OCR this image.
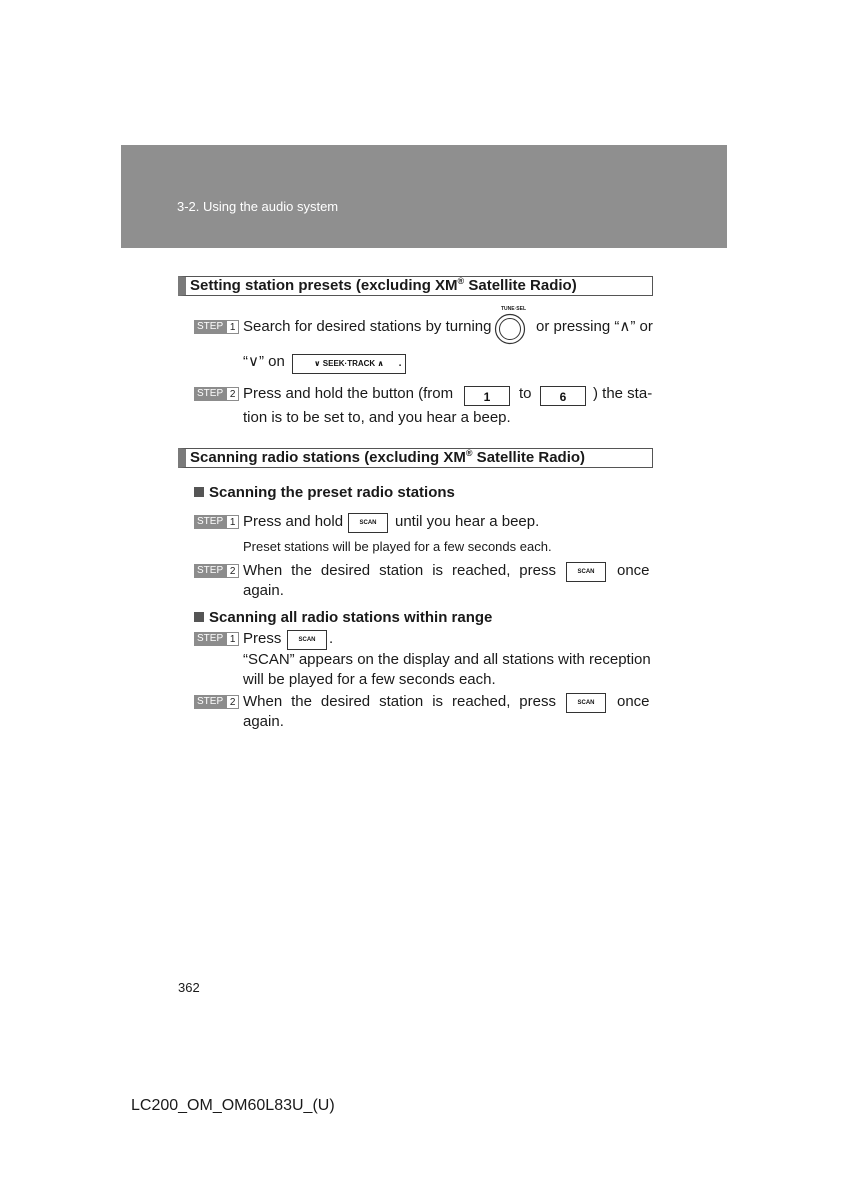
3-2. Using the audio system
Setting station presets (excluding XM® Satellite Radio)
STEP 1 Search for desired stations by turning
TUNE·SEL
or pressing “∧” or
“∨” on	∨ SEEK·TRACK ∧ .
STEP 2 Press and hold the button (from	1	to	6	) the sta-
tion is to be set to, and you hear a beep.
Scanning radio stations (excluding XM® Satellite Radio)
Scanning the preset radio stations
STEP 1 Press and hold	SCAN	until you hear a beep.
Preset stations will be played for a few seconds each.
STEP 2 When the desired station is reached, press	SCAN	once
again.
Scanning all radio stations within range
STEP 1 Press	SCAN .
“SCAN” appears on the display and all stations with reception
will be played for a few seconds each.
STEP 2 When the desired station is reached, press	SCAN	once
again.
362
LC200_OM_OM60L83U_(U)
